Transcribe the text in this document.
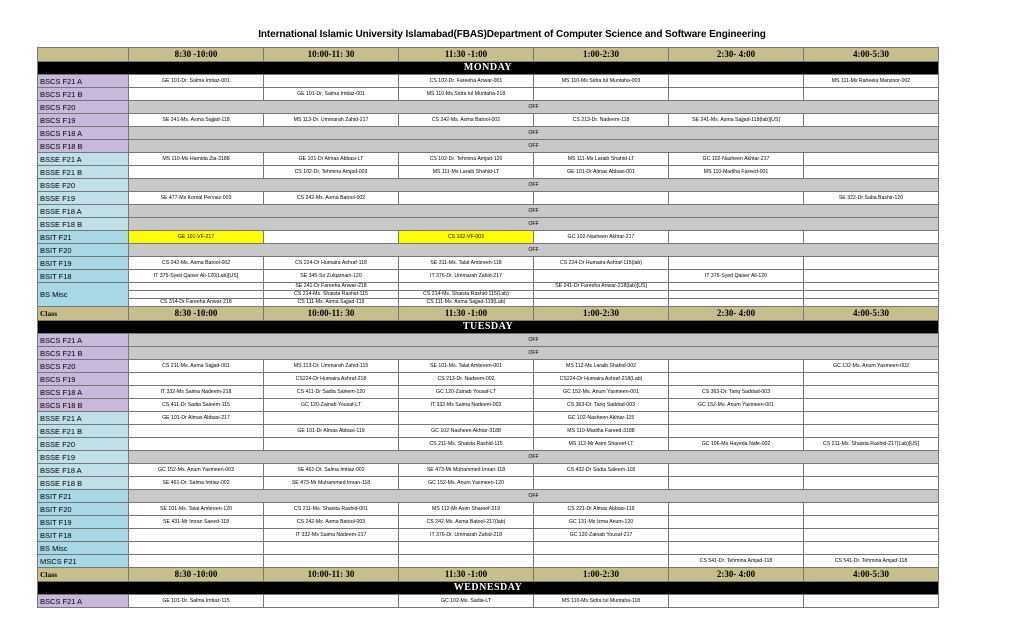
International Islamic University Islamabad(FBAS)Department of Computer Science and Software Engineering
	8:30 -10:00	10:00-11: 30	11:30 -1:00	1:00-2:30	2:30- 4:00	4:00-5:30
MONDAY						
BSCS F21 A	GE 101-Dr. Salma Imtiaz-001		CS 102-Dr. Fareeha Anwar-001	MS 110-Ms Sidra tul Muntaha-003		MS 111-Ms Raheela Manzoor-002
BSCS F21 B		GE 101-Dr. Salma Imtiaz-001	MS 110-Ms Sidra tul Muntaha-218			
BSCS F20	OFF					
BSCS F19	SE 241-Ms. Asma Sajjad-118	MS 113-Dr. Ummarah Zahid-217	CS 242-Ms. Asma Batool-002	CS 213-Dr. Nadeem-118	SE 241-Ms. Asma Sajjad-118(lab)[US]	
BSCS F18 A	OFF					
BSCS F18 B	OFF					
BSSE F21 A	MS 110-Ms Hamida Zia-3188	GE 101-Dr Almas Abbasi-LT	CS 102-Dr. Tehmina Amjad-120	MS 111-Ms Laraib Shahid-LT	GC 102-Nasheen Akhtar-217	
BSSE F21 B		CS 102-Dr. Tehmina Amjad-003	MS 111-Ms Laraib Shahid-LT	GE 101-Dr Almas Abbasi-001	MS 110-Madiha Fareed-001	
BSSE F20	OFF					
BSSE F19	SE 477-Ms Komal Pervaiz-003	CS 242-Ms. Asma Batool-002				SE 322-Dr Saba Bashir-120
BSSE F18 A	OFF					
BSSE F18 B	OFF					
BSIT F21	GE 101-VF-217		CS 102-VF-003	GC 102-Nasheen Akhtar-217		
BSIT F20	OFF					
BSIT F19	CS 242-Ms. Asma Batool-002	CS 224-Dr Humaira Ashraf-118	SE 311-Ms. Talat Ambreen-118	CS 224-Dr Humaira Ashraf-115(lab)		
BSIT F18	IT 375-Syed Qaiser Ali-120(Lab)[US]	SE 345-Sir Zulqarnain-120	IT 376-Dr. Ummarah Zahid-217		IT 375-Syed Qaiser Ali-120	
BS Misc		SE 241-Dr Fareeha Anwar-218		SE 241-Dr Fareeha Anwar-218(lab)[US]		
		CS 214-Ms. Shaista Rashid-115	CS 214-Ms. Shaista Rashid-115(Lab)			
	CS 314-Dr Fareeha Anwar-218	CS 111-Ms. Asma Sajjad-119	CS 111-Ms. Asma Sajjad-119(Lab)			
Class	8:30 -10:00	10:00-11: 30	11:30 -1:00	1:00-2:30	2:30- 4:00	4:00-5:30
TUESDAY						
BSCS F21 A	OFF					
BSCS F21 B	OFF					
BSCS F20	CS 211-Ms. Asma Sajjad-001	MS 113-Dr. Ummarah Zahid-115	SE 101-Ms. Talat Ambreen-001	MS 112-Ms Laraib Shahid-002		GC 132-Ms. Anum Yasmeen-002
BSCS F19		CS224-Dr Humaira Ashraf-218	CS 213-Dr. Nadeem-002	CS224-Dr Humaira Ashraf-218(Lab)		
BSCS F18 A	IT 332-Ms Saima Nadeem-218	CS 411-Dr Sadia Saleem-120	GC 120-Zainab Yousaf-LT	GC 152-Ms. Anum Yasmeen-001	CS 363-Dr. Tariq Saddad-003	
BSCS F18 B	CS 411-Dr Sadia Saleem-115	GC 120-Zainab Yousaf-LT	IT 332-Ms Saima Nadeem-003	CS 363-Dr. Tariq Saddad-003	GC 152-Ms. Anum Yasmeen-001	
BSSE F21 A	GE 101-Dr Almas Abbasi-217			GC 102-Nasheen Akhtar-115		
BSSE F21 B		GE 101-Dr Almas Abbasi-119	GC 102-Nasheen Akhtar-3188	MS 110-Madiha Fareed-3188		
BSSE F20			CS 211-Ms. Shaista Rashid-115	MS 112-Mr Asim Shareef-LT	GC 106-Ms Hayeda Nafe-002	CS 211-Ms. Shaista Rashid-217(Lab)[US]
BSSE F19	OFF					
BSSE F18 A	GC 152-Ms. Anum Yasmeen-003	SE 461-Dr. Salma Imtiaz-002	SE 473-Mr Muhammed Imran-118	CS 432-Dr Sadia Saleem-118		
BSSE F18 B	SE 461-Dr. Salma Imtiaz-002	SE 473-Mr Muhammed Imran-118	GC 152-Ms. Anum Yasmeen-120			
BSIT F21	OFF					
BSIT F20	SE 101-Ms. Talat Ambreen-120	CS 211-Ms. Shaista Rashid-001	MS 112-Mr Asim Shareef-319	CS 221-Dr Almas Abbasi-119		
BSIT F19	SE 431-Mr Imran Saeed-118	CS 242-Ms. Asma Batool-003	CS 242-Ms. Asma Batool-217(lab)	GC 131-Ms Izma Anum-120		
BSIT F18		IT 332-Ms Saima Nadeem-217	IT 376-Dr. Ummarah Zahid-218	GC 120-Zainab Yousaf-217		
BS Misc						
MSCS F21					CS 541-Dr. Tehmina Amjad-118	CS 541-Dr. Tehmina Amjad-118
Class	8:30 -10:00	10:00-11: 30	11:30 -1:00	1:00-2:30	2:30- 4:00	4:00-5:30
WEDNESDAY						
BSCS F21 A	GE 101-Dr. Salma Imtiaz-115		GC 102-Ms. Sadia-LT	MS 110-Ms Sidra tul Muntaha-118		
